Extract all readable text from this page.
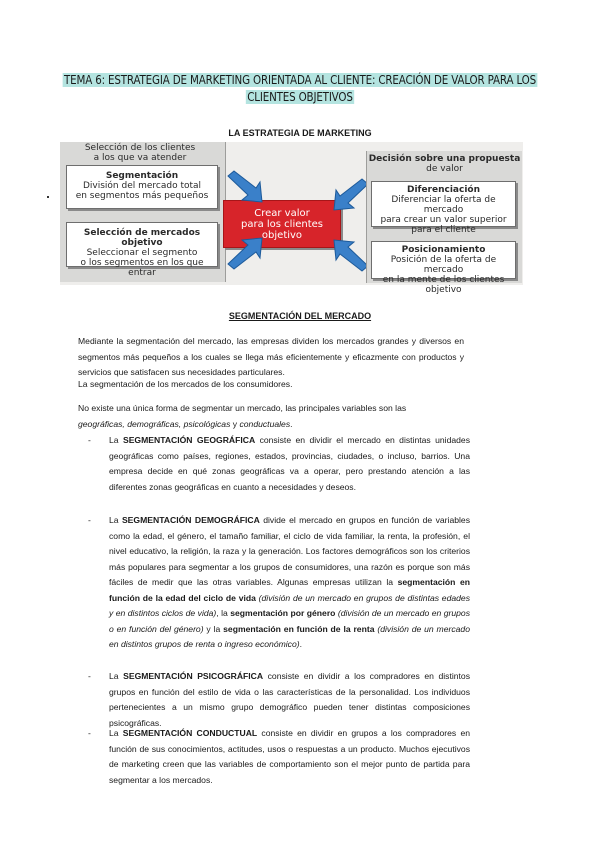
TEMA 6: ESTRATEGIA DE MARKETING ORIENTADA AL CLIENTE: CREACIÓN DE VALOR PARA LOS
CLIENTES OBJETIVOS
LA ESTRATEGIA DE MARKETING
Selección de los clientes
a los que va atender
Segmentación
División del mercado total
en segmentos más pequeños
Selección de mercados objetivo
Seleccionar el segmento
o los segmentos en los que entrar
Crear valor
para los clientes
objetivo
Decisión sobre una propuesta
de valor
Diferenciación
Diferenciar la oferta de mercado
para crear un valor superior
para el cliente
Posicionamiento
Posición de la oferta de mercado
en la mente de los clientes objetivo
SEGMENTACIÓN DEL MERCADO
Mediante la segmentación del mercado, las empresas dividen los mercados grandes y diversos en segmentos más pequeños a los cuales se llega más eficientemente y eficazmente con productos y servicios que satisfacen sus necesidades particulares.
La segmentación de los mercados de los consumidores.
No existe una única forma de segmentar un mercado, las principales variables son las
geográficas, demográficas, psicológicas y conductuales.
- La SEGMENTACIÓN GEOGRÁFICA consiste en dividir el mercado en distintas unidades geográficas como países, regiones, estados, provincias, ciudades, o incluso, barrios. Una empresa decide en qué zonas geográficas va a operar, pero prestando atención a las diferentes zonas geográficas en cuanto a necesidades y deseos.
- La SEGMENTACIÓN DEMOGRÁFICA divide el mercado en grupos en función de variables como la edad, el género, el tamaño familiar, el ciclo de vida familiar, la renta, la profesión, el nivel educativo, la religión, la raza y la generación. Los factores demográficos son los criterios más populares para segmentar a los grupos de consumidores, una razón es porque son más fáciles de medir que las otras variables. Algunas empresas utilizan la segmentación en función de la edad del ciclo de vida (división de un mercado en grupos de distintas edades y en distintos ciclos de vida), la segmentación por género (división de un mercado en grupos o en función del género) y la segmentación en función de la renta (división de un mercado en distintos grupos de renta o ingreso económico).
- La SEGMENTACIÓN PSICOGRÁFICA consiste en dividir a los compradores en distintos grupos en función del estilo de vida o las características de la personalidad. Los individuos pertenecientes a un mismo grupo demográfico pueden tener distintas composiciones psicográficas.
- La SEGMENTACIÓN CONDUCTUAL consiste en dividir en grupos a los compradores en función de sus conocimientos, actitudes, usos o respuestas a un producto. Muchos ejecutivos de marketing creen que las variables de comportamiento son el mejor punto de partida para segmentar a los mercados.
